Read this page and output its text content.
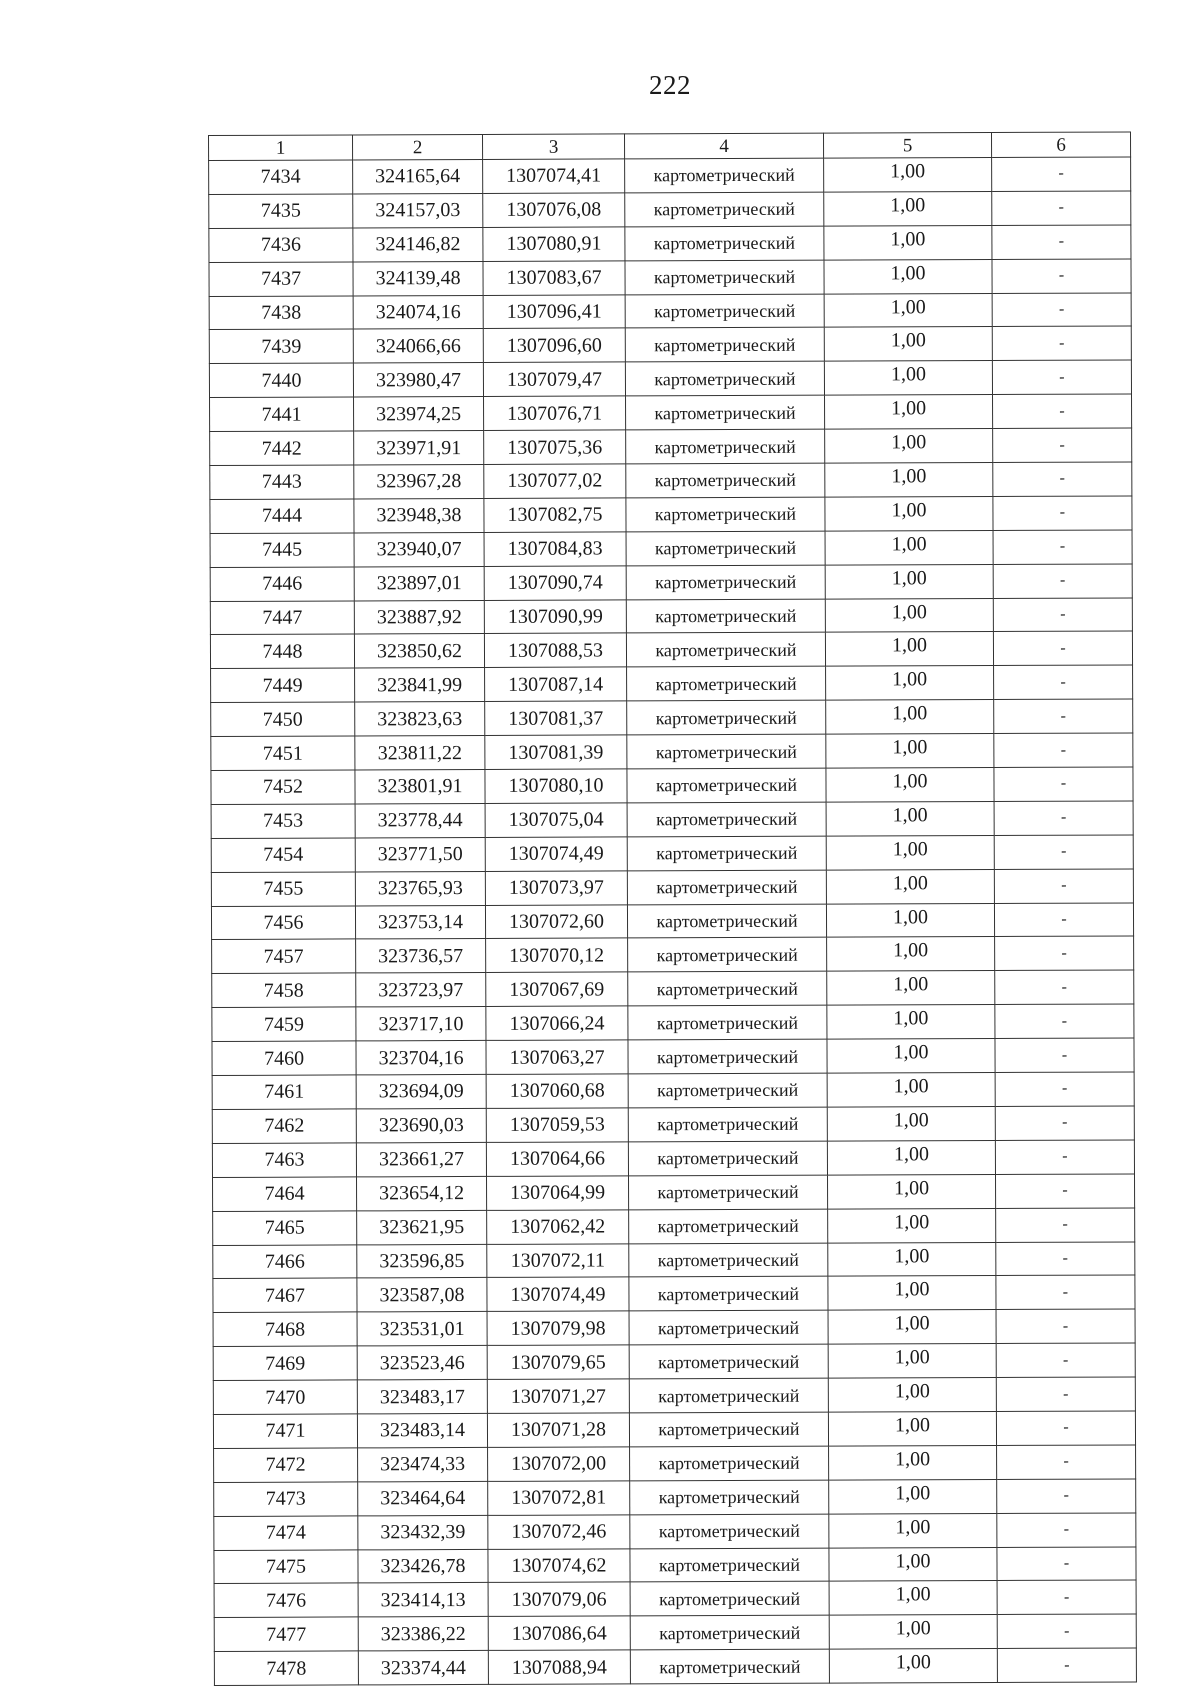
222
1	2	3	4	5	6
7434	324165,64	1307074,41	картометрический	1,00	-
7435	324157,03	1307076,08	картометрический	1,00	-
7436	324146,82	1307080,91	картометрический	1,00	-
7437	324139,48	1307083,67	картометрический	1,00	-
7438	324074,16	1307096,41	картометрический	1,00	-
7439	324066,66	1307096,60	картометрический	1,00	-
7440	323980,47	1307079,47	картометрический	1,00	-
7441	323974,25	1307076,71	картометрический	1,00	-
7442	323971,91	1307075,36	картометрический	1,00	-
7443	323967,28	1307077,02	картометрический	1,00	-
7444	323948,38	1307082,75	картометрический	1,00	-
7445	323940,07	1307084,83	картометрический	1,00	-
7446	323897,01	1307090,74	картометрический	1,00	-
7447	323887,92	1307090,99	картометрический	1,00	-
7448	323850,62	1307088,53	картометрический	1,00	-
7449	323841,99	1307087,14	картометрический	1,00	-
7450	323823,63	1307081,37	картометрический	1,00	-
7451	323811,22	1307081,39	картометрический	1,00	-
7452	323801,91	1307080,10	картометрический	1,00	-
7453	323778,44	1307075,04	картометрический	1,00	-
7454	323771,50	1307074,49	картометрический	1,00	-
7455	323765,93	1307073,97	картометрический	1,00	-
7456	323753,14	1307072,60	картометрический	1,00	-
7457	323736,57	1307070,12	картометрический	1,00	-
7458	323723,97	1307067,69	картометрический	1,00	-
7459	323717,10	1307066,24	картометрический	1,00	-
7460	323704,16	1307063,27	картометрический	1,00	-
7461	323694,09	1307060,68	картометрический	1,00	-
7462	323690,03	1307059,53	картометрический	1,00	-
7463	323661,27	1307064,66	картометрический	1,00	-
7464	323654,12	1307064,99	картометрический	1,00	-
7465	323621,95	1307062,42	картометрический	1,00	-
7466	323596,85	1307072,11	картометрический	1,00	-
7467	323587,08	1307074,49	картометрический	1,00	-
7468	323531,01	1307079,98	картометрический	1,00	-
7469	323523,46	1307079,65	картометрический	1,00	-
7470	323483,17	1307071,27	картометрический	1,00	-
7471	323483,14	1307071,28	картометрический	1,00	-
7472	323474,33	1307072,00	картометрический	1,00	-
7473	323464,64	1307072,81	картометрический	1,00	-
7474	323432,39	1307072,46	картометрический	1,00	-
7475	323426,78	1307074,62	картометрический	1,00	-
7476	323414,13	1307079,06	картометрический	1,00	-
7477	323386,22	1307086,64	картометрический	1,00	-
7478	323374,44	1307088,94	картометрический	1,00	-
